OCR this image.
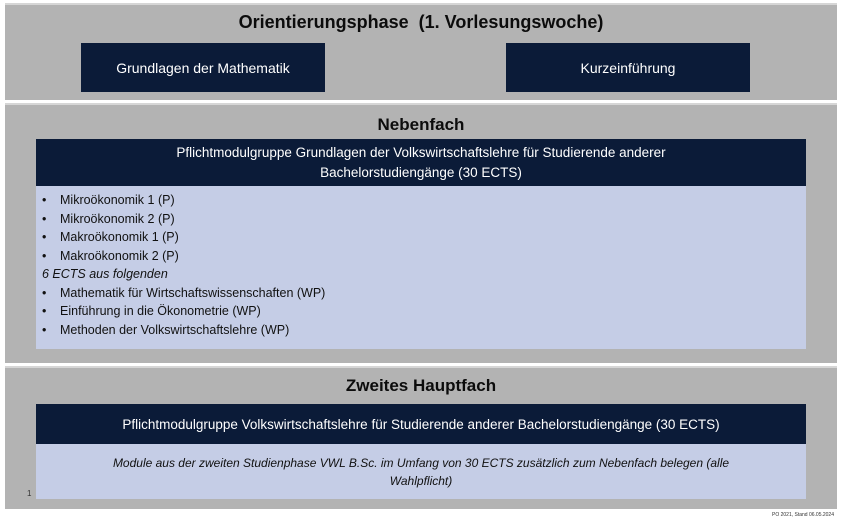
Orientierungsphase  (1. Vorlesungswoche)
Grundlagen der Mathematik	Kurzeinführung
Nebenfach
Pflichtmodulgruppe Grundlagen der Volkswirtschaftslehre für Studierende anderer
Bachelorstudiengänge (30 ECTS)
• Mikroökonomik 1 (P)
• Mikroökonomik 2 (P)
• Makroökonomik 1 (P)
• Makroökonomik 2 (P)
6 ECTS aus folgenden
• Mathematik für Wirtschaftswissenschaften (WP)
• Einführung in die Ökonometrie (WP)
• Methoden der Volkswirtschaftslehre (WP)
Zweites Hauptfach
Pflichtmodulgruppe Volkswirtschaftslehre für Studierende anderer Bachelorstudiengänge (30 ECTS)
Module aus der zweiten Studienphase VWL B.Sc. im Umfang von 30 ECTS zusätzlich zum Nebenfach belegen (alle
Wahlpflicht)
1
PO 2021, Stand 06.05.2024
